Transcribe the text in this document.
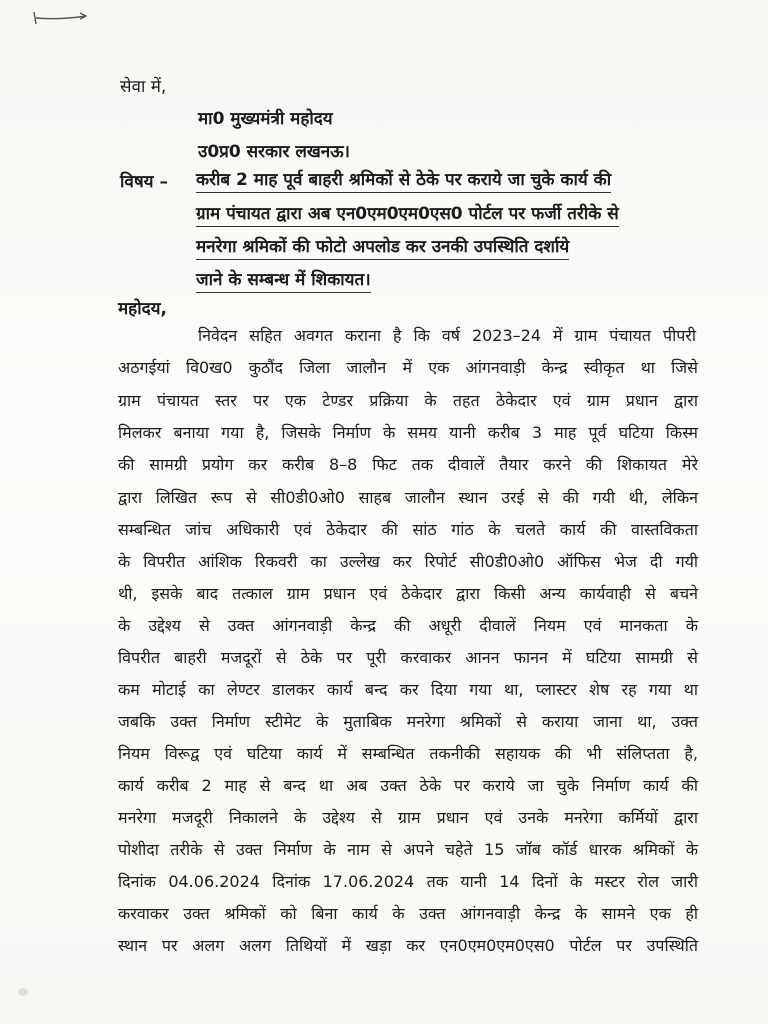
सेवा में,
मा0 मुख्यमंत्री महोदय
उ0प्र0 सरकार लखनऊ।
विषय – करीब 2 माह पूर्व बाहरी श्रमिकों से ठेके पर कराये जा चुके कार्य की
ग्राम पंचायत द्वारा अब एन0एम0एम0एस0 पोर्टल पर फर्जी तरीके से
मनरेगा श्रमिकों की फोटो अपलोड कर उनकी उपस्थिति दर्शाये
जाने के सम्बन्ध में शिकायत।
महोदय,
निवेदन सहित अवगत कराना है कि वर्ष 2023–24 में ग्राम पंचायत पीपरी
अठगईयां वि0ख0 कुठौंद जिला जालौन में एक आंगनवाड़ी केन्द्र स्वीकृत था जिसे
ग्राम पंचायत स्तर पर एक टेण्डर प्रक्रिया के तहत ठेकेदार एवं ग्राम प्रधान द्वारा
मिलकर बनाया गया है, जिसके निर्माण के समय यानी करीब 3 माह पूर्व घटिया किस्म
की सामग्री प्रयोग कर करीब 8–8 फिट तक दीवालें तैयार करने की शिकायत मेरे
द्वारा लिखित रूप से सी0डी0ओ0 साहब जालौन स्थान उरई से की गयी थी, लेकिन
सम्बन्धित जांच अधिकारी एवं ठेकेदार की सांठ गांठ के चलते कार्य की वास्तविकता
के विपरीत आंशिक रिकवरी का उल्लेख कर रिपोर्ट सी0डी0ओ0 ऑफिस भेज दी गयी
थी, इसके बाद तत्काल ग्राम प्रधान एवं ठेकेदार द्वारा किसी अन्य कार्यवाही से बचने
के उद्देश्य से उक्त आंगनवाड़ी केन्द्र की अधूरी दीवालें नियम एवं मानकता के
विपरीत बाहरी मजदूरों से ठेके पर पूरी करवाकर आनन फानन में घटिया सामग्री से
कम मोटाई का लेण्टर डालकर कार्य बन्द कर दिया गया था, प्लास्टर शेष रह गया था
जबकि उक्त निर्माण स्टीमेट के मुताबिक मनरेगा श्रमिकों से कराया जाना था, उक्त
नियम विरूद्व एवं घटिया कार्य में सम्बन्धित तकनीकी सहायक की भी संलिप्तता है,
कार्य करीब 2 माह से बन्द था अब उक्त ठेके पर कराये जा चुके निर्माण कार्य की
मनरेगा मजदूरी निकालने के उद्देश्य से ग्राम प्रधान एवं उनके मनरेगा कर्मियों द्वारा
पोशीदा तरीके से उक्त निर्माण के नाम से अपने चहेते 15 जॉब कॉर्ड धारक श्रमिकों के
दिनांक 04.06.2024 दिनांक 17.06.2024 तक यानी 14 दिनों के मस्टर रोल जारी
करवाकर उक्त श्रमिकों को बिना कार्य के उक्त आंगनवाड़ी केन्द्र के सामने एक ही
स्थान पर अलग अलग तिथियों में खड़ा कर एन0एम0एम0एस0 पोर्टल पर उपस्थिति
